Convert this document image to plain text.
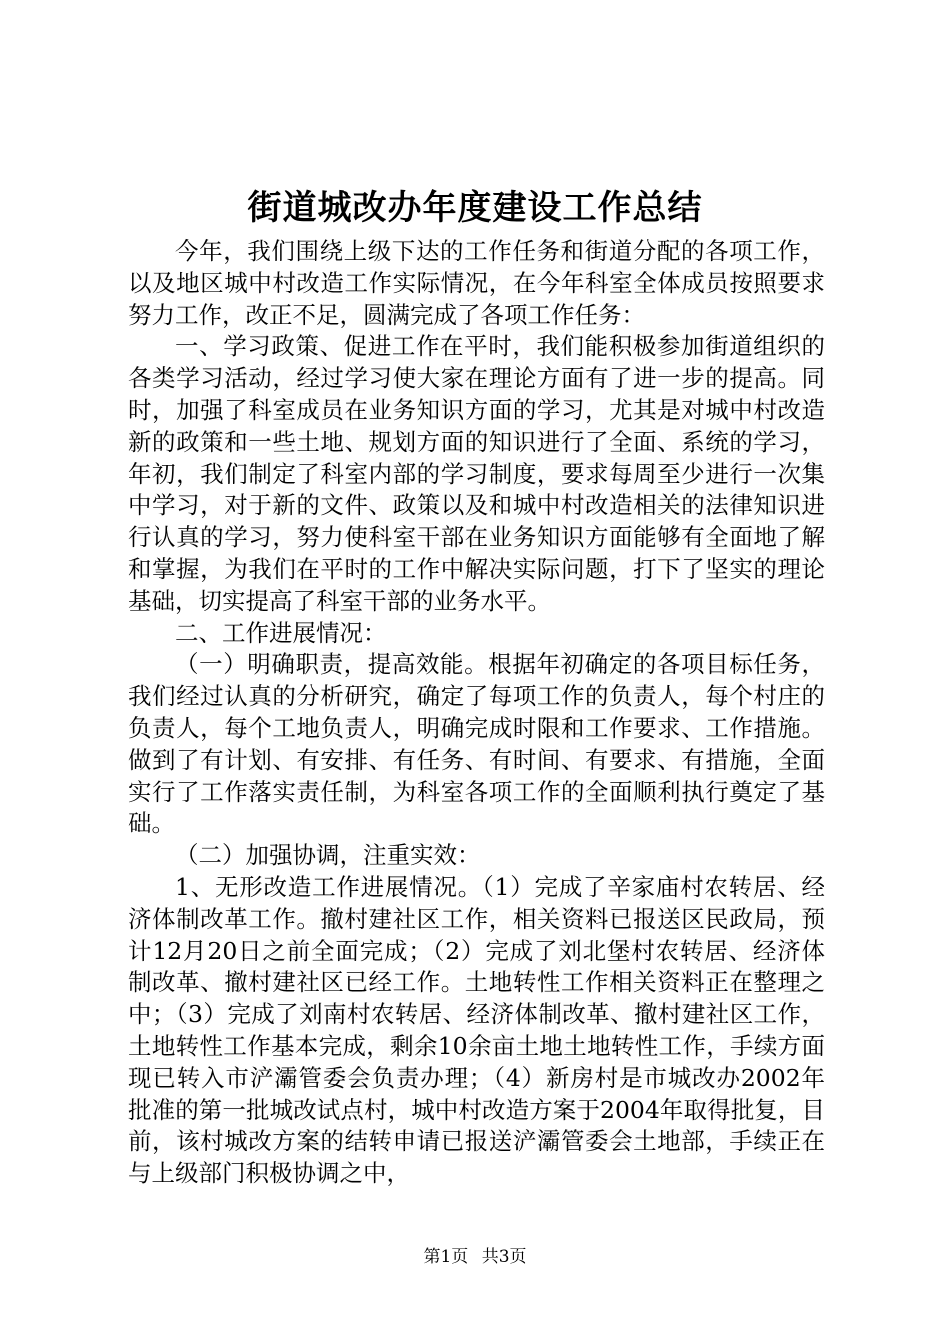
街道城改办年度建设工作总结

今年，我们围绕上级下达的工作任务和街道分配的各项工作，以及地区城中村改造工作实际情况，在今年科室全体成员按照要求努力工作，改正不足，圆满完成了各项工作任务：

一、学习政策、促进工作在平时，我们能积极参加街道组织的各类学习活动，经过学习使大家在理论方面有了进一步的提高。同时，加强了科室成员在业务知识方面的学习，尤其是对城中村改造新的政策和一些土地、规划方面的知识进行了全面、系统的学习，年初，我们制定了科室内部的学习制度，要求每周至少进行一次集中学习，对于新的文件、政策以及和城中村改造相关的法律知识进行认真的学习，努力使科室干部在业务知识方面能够有全面地了解和掌握，为我们在平时的工作中解决实际问题，打下了坚实的理论基础，切实提高了科室干部的业务水平。

二、工作进展情况：

（一）明确职责，提高效能。根据年初确定的各项目标任务，我们经过认真的分析研究，确定了每项工作的负责人，每个村庄的负责人，每个工地负责人，明确完成时限和工作要求、工作措施。做到了有计划、有安排、有任务、有时间、有要求、有措施，全面实行了工作落实责任制，为科室各项工作的全面顺利执行奠定了基础。

（二）加强协调，注重实效：

1、无形改造工作进展情况。（1）完成了辛家庙村农转居、经济体制改革工作。撤村建社区工作，相关资料已报送区民政局，预计12月20日之前全面完成；（2）完成了刘北堡村农转居、经济体制改革、撤村建社区已经工作。土地转性工作相关资料正在整理之中；（3）完成了刘南村农转居、经济体制改革、撤村建社区工作，土地转性工作基本完成，剩余10余亩土地土地转性工作，手续方面现已转入市浐灞管委会负责办理；（4）新房村是市城改办2002年批准的第一批城改试点村，城中村改造方案于2004年取得批复，目前，该村城改方案的结转申请已报送浐灞管委会土地部，手续正在与上级部门积极协调之中，

第1页 共3页
